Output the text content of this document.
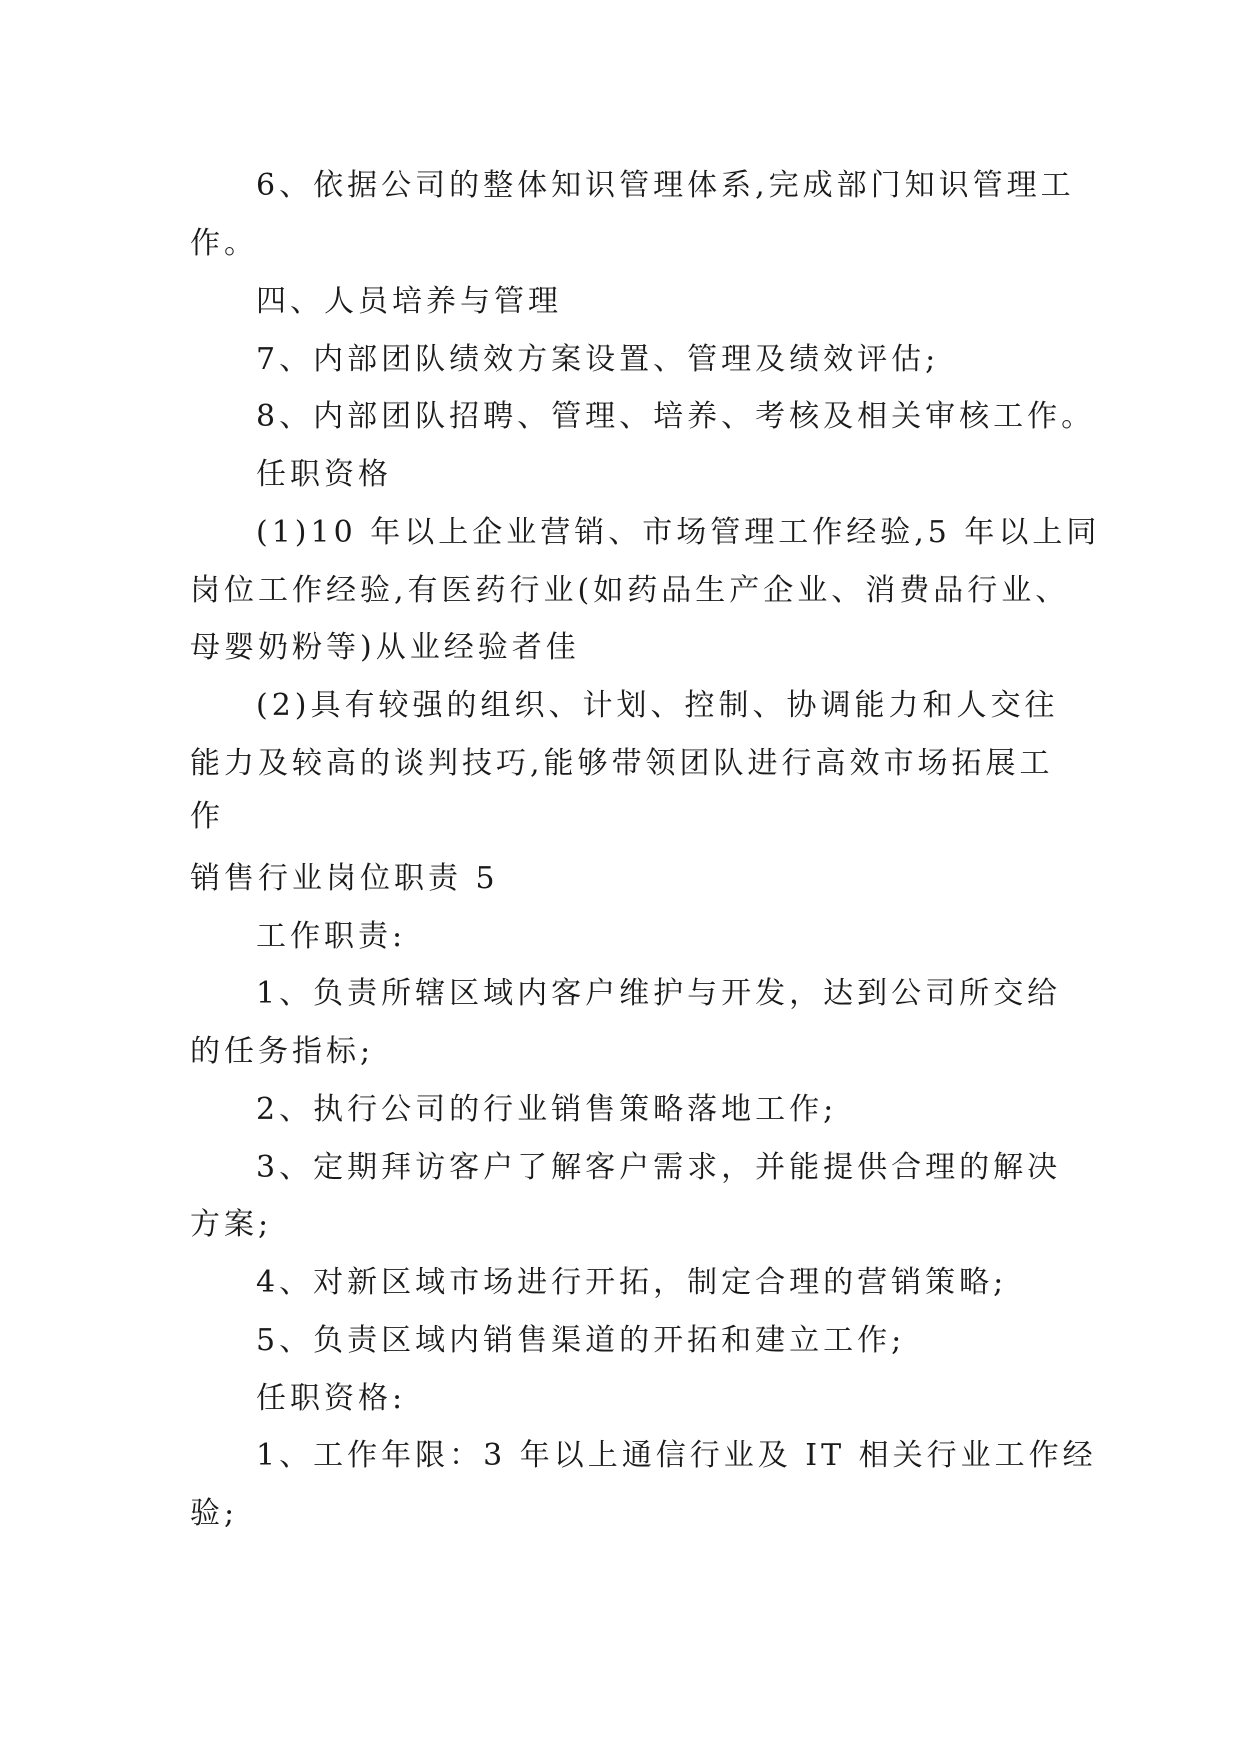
6、依据公司的整体知识管理体系,完成部门知识管理工
作。
四、人员培养与管理
7、内部团队绩效方案设置、管理及绩效评估;
8、内部团队招聘、管理、培养、考核及相关审核工作。
任职资格
(1)10 年以上企业营销、市场管理工作经验,5 年以上同
岗位工作经验,有医药行业(如药品生产企业、消费品行业、
母婴奶粉等)从业经验者佳
(2)具有较强的组织、计划、控制、协调能力和人交往
能力及较高的谈判技巧,能够带领团队进行高效市场拓展工
作
销售行业岗位职责 5
工作职责:
1、负责所辖区域内客户维护与开发，达到公司所交给
的任务指标;
2、执行公司的行业销售策略落地工作;
3、定期拜访客户了解客户需求，并能提供合理的解决
方案;
4、对新区域市场进行开拓，制定合理的营销策略;
5、负责区域内销售渠道的开拓和建立工作;
任职资格:
1、工作年限：3 年以上通信行业及 IT 相关行业工作经
验;
